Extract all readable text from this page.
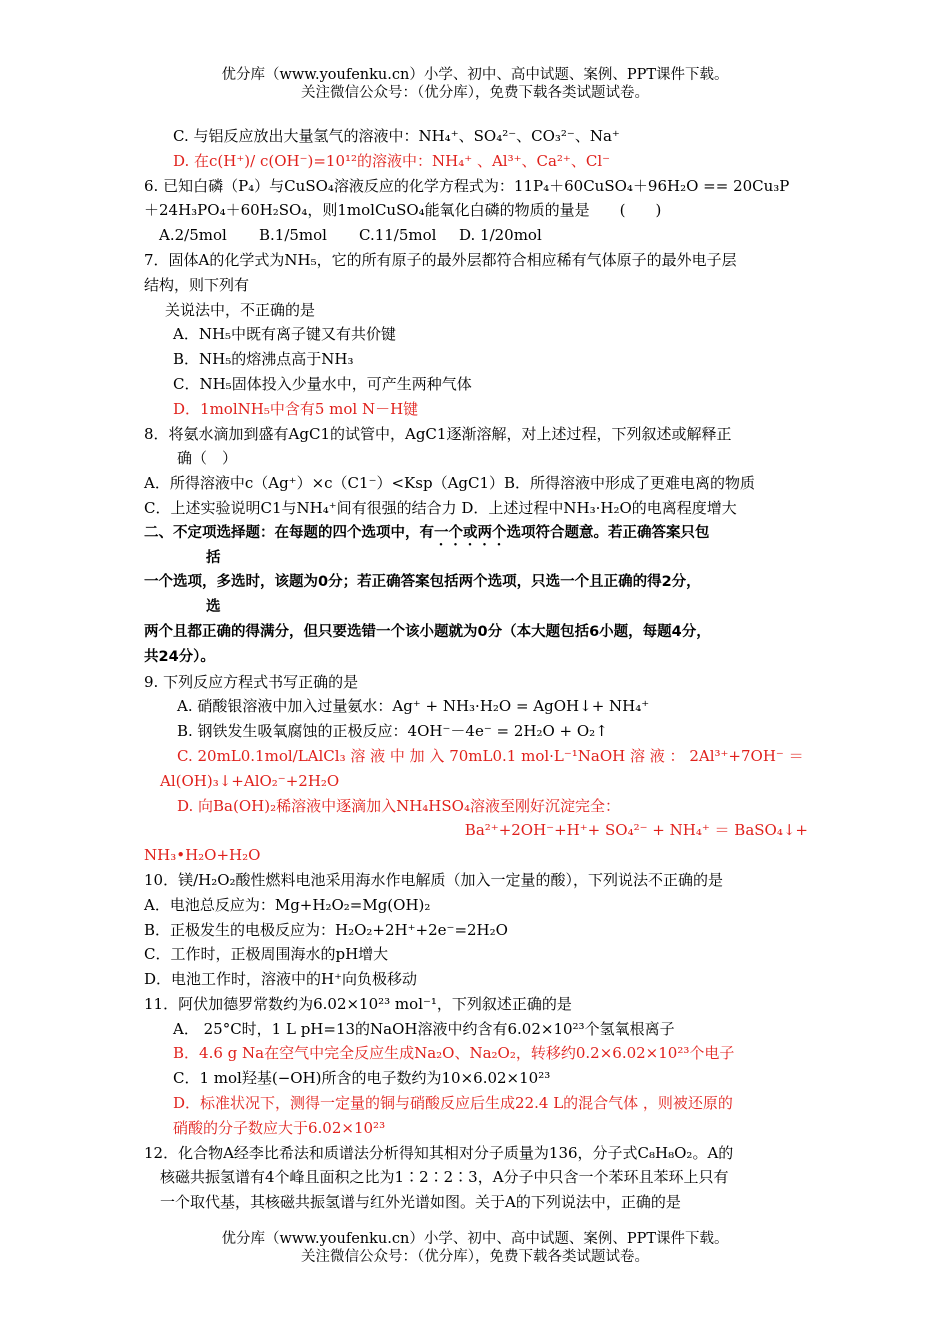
优分库（www.youfenku.cn）小学、初中、高中试题、案例、PPT课件下载。
关注微信公众号：（优分库），免费下载各类试题试卷。
C. 与铝反应放出大量氢气的溶液中：NH₄⁺、SO₄²⁻、CO₃²⁻、Na⁺
D. 在c(H⁺)/ c(OH⁻)=10¹²的溶液中：NH₄⁺ 、Al³⁺、Ca²⁺、Cl⁻
6. 已知白磷（P₄）与CuSO₄溶液反应的化学方程式为：11P₄＋60CuSO₄＋96H₂O == 20Cu₃P
＋24H₃PO₄＋60H₂SO₄，则1molCuSO₄能氧化白磷的物质的量是　　(　　)
A.2/5mol B.1/5mol C.11/5mol D. 1/20mol
7．固体A的化学式为NH₅，它的所有原子的最外层都符合相应稀有气体原子的最外电子层
结构，则下列有
关说法中，不正确的是
A．NH₅中既有离子键又有共价键
B．NH₅的熔沸点高于NH₃
C．NH₅固体投入少量水中，可产生两种气体
D．1molNH₅中含有5 mol N－H键
8．将氨水滴加到盛有AgC1的试管中，AgC1逐渐溶解，对上述过程，下列叙述或解释正
确（　）
A．所得溶液中c（Ag⁺）×c（C1⁻）<Ksp（AgC1）B．所得溶液中形成了更难电离的物质
C．上述实验说明C1与NH₄⁺间有很强的结合力 D．上述过程中NH₃·H₂O的电离程度增大
二、不定项选择题：在每题的四个选项中，有一个或两个选项符合题意。若正确答案只包
括
一个选项，多选时，该题为0分；若正确答案包括两个选项，只选一个且正确的得2分，
选
两个且都正确的得满分，但只要选错一个该小题就为0分（本大题包括6小题，每题4分，
共24分）。
9. 下列反应方程式书写正确的是
A. 硝酸银溶液中加入过量氨水：Ag⁺ + NH₃·H₂O = AgOH↓+ NH₄⁺
B. 钢铁发生吸氧腐蚀的正极反应：4OH⁻－4e⁻ = 2H₂O + O₂↑
C. 20mL0.1mol/LAlCl₃ 溶 液 中 加 入 70mL0.1 mol·L⁻¹NaOH 溶 液 ： 2Al³⁺+7OH⁻ ＝
Al(OH)₃↓+AlO₂⁻+2H₂O
D. 向Ba(OH)₂稀溶液中逐滴加入NH₄HSO₄溶液至刚好沉淀完全：
Ba²⁺+2OH⁻+H⁺+ SO₄²⁻ + NH₄⁺ ＝ BaSO₄↓+
NH₃•H₂O+H₂O
10．镁/H₂O₂酸性燃料电池采用海水作电解质（加入一定量的酸），下列说法不正确的是
A．电池总反应为：Mg+H₂O₂=Mg(OH)₂
B．正极发生的电极反应为：H₂O₂+2H⁺+2e⁻=2H₂O
C．工作时，正极周围海水的pH增大
D．电池工作时，溶液中的H⁺向负极移动
11．阿伏加德罗常数约为6.02×10²³ mol⁻¹，下列叙述正确的是
A． 25°C时，1 L pH=13的NaOH溶液中约含有6.02×10²³个氢氧根离子
B．4.6 g Na在空气中完全反应生成Na₂O、Na₂O₂，转移约0.2×6.02×10²³个电子
C．1 mol羟基(−OH)所含的电子数约为10×6.02×10²³
D．标准状况下，测得一定量的铜与硝酸反应后生成22.4 L的混合气体 ，则被还原的
硝酸的分子数应大于6.02×10²³
12．化合物A经李比希法和质谱法分析得知其相对分子质量为136，分子式C₈H₈O₂。A的
核磁共振氢谱有4个峰且面积之比为1∶2∶2∶3，A分子中只含一个苯环且苯环上只有
一个取代基，其核磁共振氢谱与红外光谱如图。关于A的下列说法中，正确的是
优分库（www.youfenku.cn）小学、初中、高中试题、案例、PPT课件下载。
关注微信公众号：（优分库），免费下载各类试题试卷。
